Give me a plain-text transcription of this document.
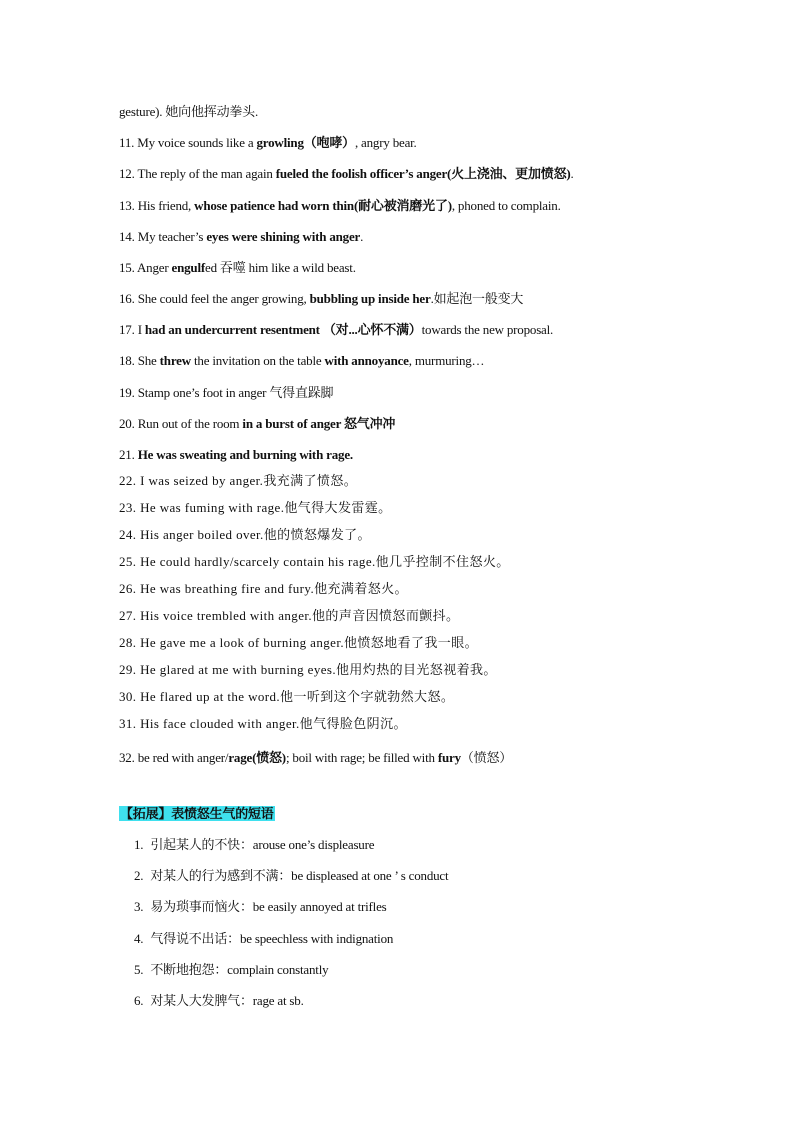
gesture). 她向他挥动拳头.
11. My voice sounds like a growling（咆哮）, angry bear.
12. The reply of the man again fueled the foolish officer’s anger(火上浇油、更加愤怒).
13. His friend, whose patience had worn thin(耐心被消磨光了), phoned to complain.
14. My teacher’s eyes were shining with anger.
15. Anger engulfed 吞噬 him like a wild beast.
16. She could feel the anger growing, bubbling up inside her.如起泡一般变大
17. I had an undercurrent resentment （对...心怀不满）towards the new proposal.
18. She threw the invitation on the table with annoyance, murmuring…
19. Stamp one’s foot in anger 气得直跺脚
20. Run out of the room in a burst of anger 怒气冲冲
21. He was sweating and burning with rage.
22. I was seized by anger.我充满了愤怒。
23. He was fuming with rage.他气得大发雷霆。
24. His anger boiled over.他的愤怒爆发了。
25. He could hardly/scarcely contain his rage.他几乎控制不住怒火。
26. He was breathing fire and fury.他充满着怒火。
27. His voice trembled with anger.他的声音因愤怒而颤抖。
28. He gave me a look of burning anger.他愤怒地看了我一眼。
29. He glared at me with burning eyes.他用灼热的目光怒视着我。
30. He flared up at the word.他一听到这个字就勃然大怒。
31. His face clouded with anger.他气得脸色阴沉。
32. be red with anger/rage(愤怒); boil with rage; be filled with fury（愤怒）
【拓展】表愤怒生气的短语
1. 引起某人的不快：arouse one’s displeasure
2. 对某人的行为感到不满：be displeased at one ’ s conduct
3. 易为琐事而恼火：be easily annoyed at trifles
4. 气得说不出话：be speechless with indignation
5. 不断地抱怨：complain constantly
6. 对某人大发脾气：rage at sb.
